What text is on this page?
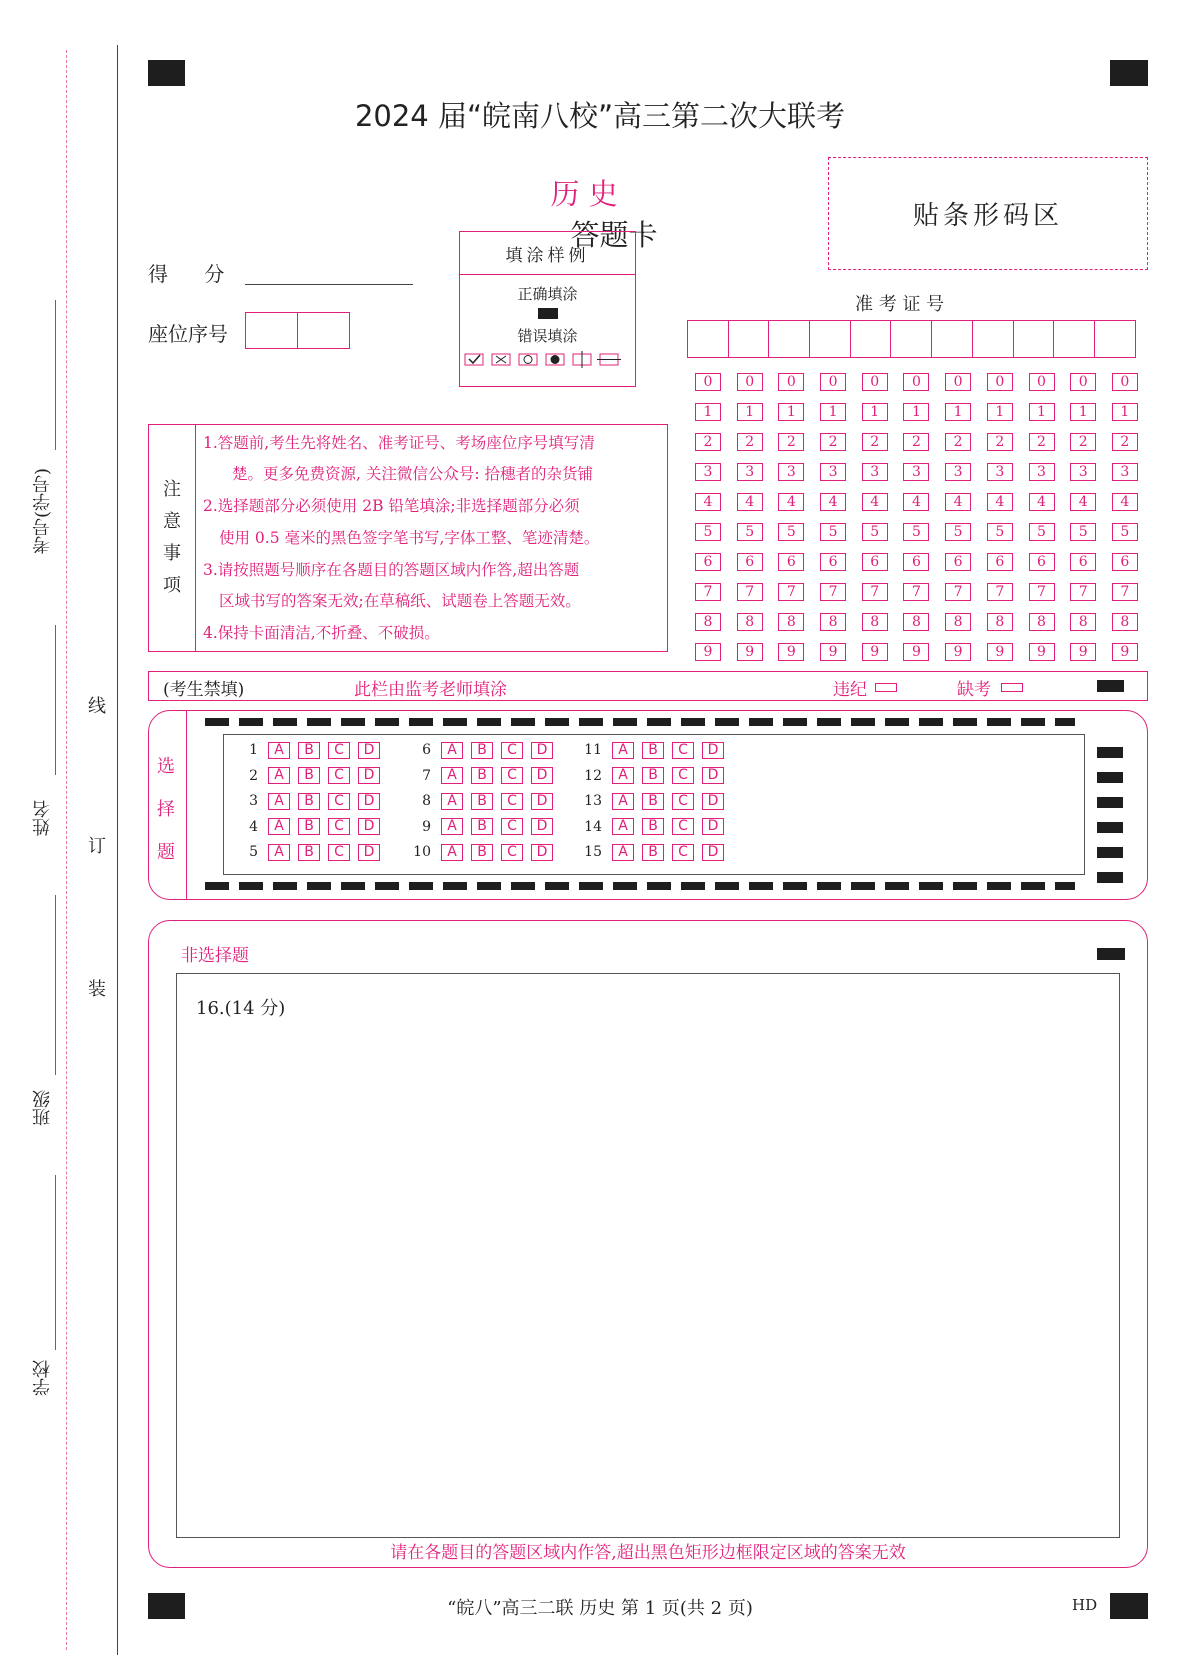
考号(学号)
姓名
班级
学校
线
订
装
2024 届“皖南八校”高三第二次大联考

历 史
答题卡

贴条形码区
得 分
座位序号
填涂样例
正确填涂
错误填涂
准 考 证 号
0	0	0	0	0	0	0	0	0	0	0
1	1	1	1	1	1	1	1	1	1	1
2	2	2	2	2	2	2	2	2	2	2
3	3	3	3	3	3	3	3	3	3	3
4	4	4	4	4	4	4	4	4	4	4
5	5	5	5	5	5	5	5	5	5	5
6	6	6	6	6	6	6	6	6	6	6
7	7	7	7	7	7	7	7	7	7	7
8	8	8	8	8	8	8	8	8	8	8
9	9	9	9	9	9	9	9	9	9	9
注
意
事
项
1.答题前,考生先将姓名、准考证号、考场座位序号填写清
楚。更多免费资源, 关注微信公众号: 拾穗者的杂货铺
2.选择题部分必须使用 2B 铅笔填涂;非选择题部分必须
使用 0.5 毫米的黑色签字笔书写,字体工整、笔迹清楚。
3.请按照题号顺序在各题目的答题区域内作答,超出答题
区域书写的答案无效;在草稿纸、试题卷上答题无效。
4.保持卡面清洁,不折叠、不破损。
(考生禁填)	此栏由监考老师填涂	违纪	缺考
选
择
题
1	A	B	C	D
2	A	B	C	D
3	A	B	C	D
4	A	B	C	D
5	A	B	C	D
6	A	B	C	D
7	A	B	C	D
8	A	B	C	D
9	A	B	C	D
10	A	B	C	D
11	A	B	C	D
12	A	B	C	D
13	A	B	C	D
14	A	B	C	D
15	A	B	C	D
非选择题
请在各题目的答题区域内作答,超出黑色矩形边框限定区域的答案无效
16.(14 分)
“皖八”高三二联 历史 第 1 页(共 2 页)	HD
